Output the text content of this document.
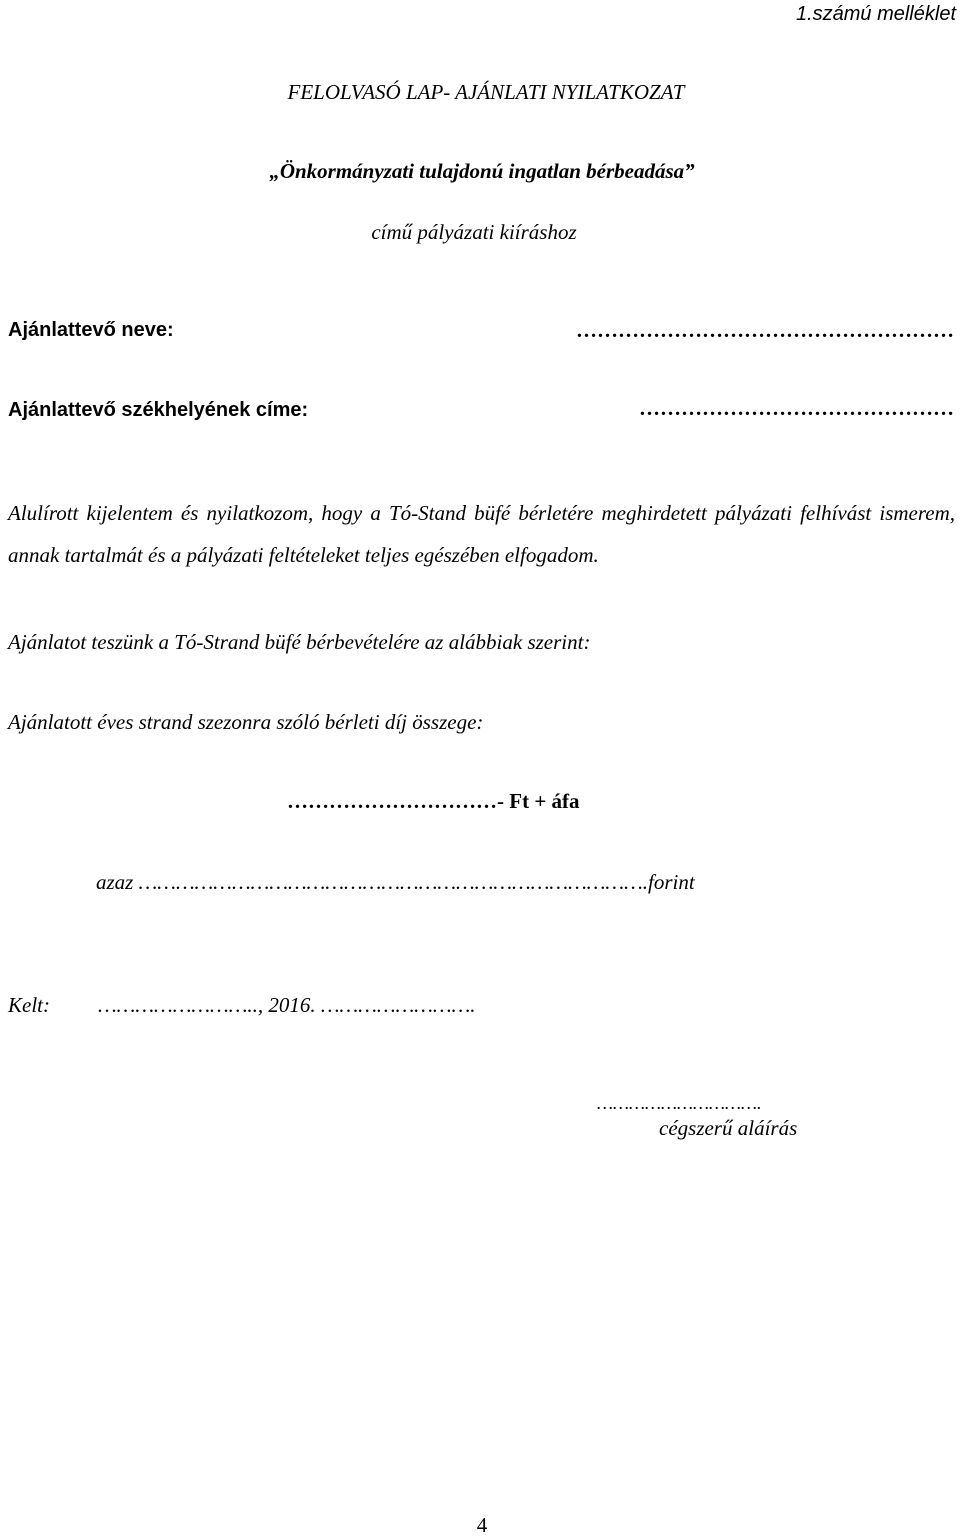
1.számú melléklet
FELOLVASÓ LAP- AJÁNLATI NYILATKOZAT
„Önkormányzati tulajdonú ingatlan bérbeadása”
című pályázati kiíráshoz
Ajánlattevő neve:	………………………………………………
Ajánlattevő székhelyének címe:	………………………………………

Alulírott kijelentem és nyilatkozom, hogy a Tó-Stand büfé bérletére meghirdetett pályázati felhívást ismerem, annak tartalmát és a pályázati feltételeket teljes egészében elfogadom.

Ajánlatot teszünk a Tó-Strand büfé bérbevételére az alábbiak szerint:
Ajánlatott éves strand szezonra szóló bérleti díj összege:
…………………………- Ft + áfa
azaz ……………………………………………………………………….forint
Kelt: …………………….., 2016. …………………….
………………………….
cégszerű aláírás
4
